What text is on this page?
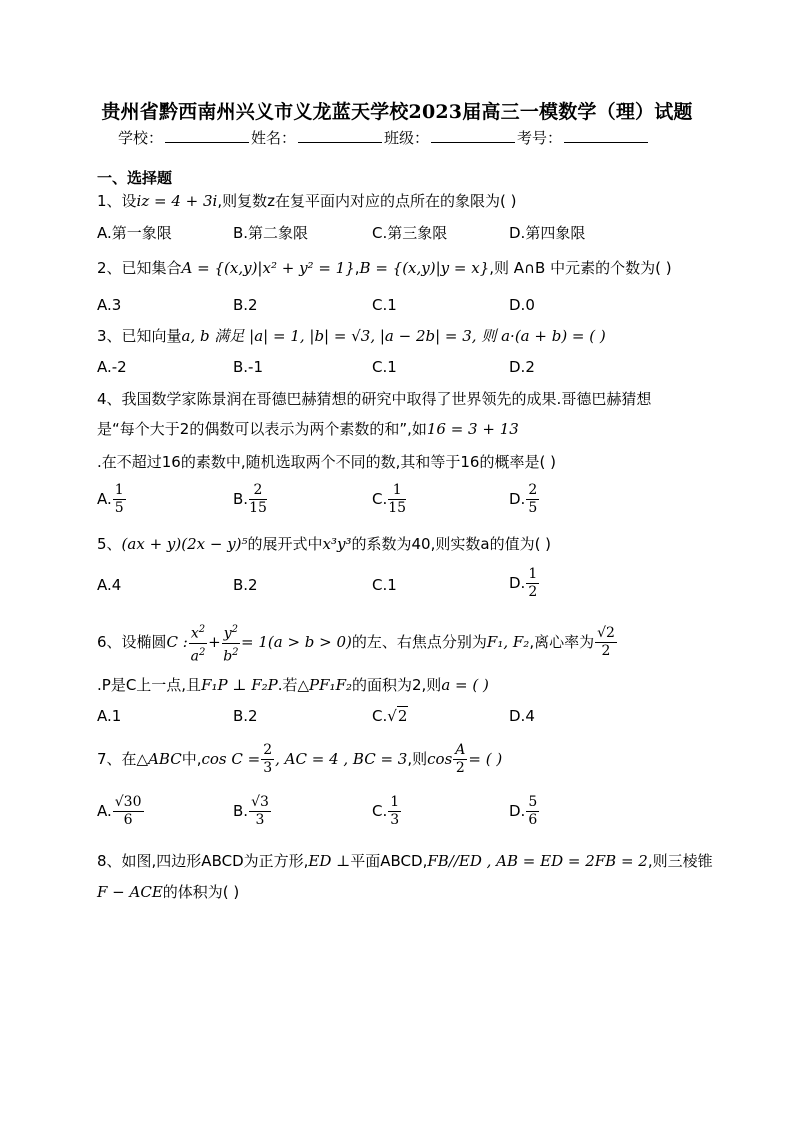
贵州省黔西南州兴义市义龙蓝天学校2023届高三一模数学（理）试题
学校：	姓名：	班级：	考号：
一、选择题
1、设iz = 4 + 3i,则复数z在复平面内对应的点所在的象限为( )
A.第一象限	B.第二象限	C.第三象限	D.第四象限
2、已知集合A = {(x,y)|x² + y² = 1},B = {(x,y)|y = x},则 A∩B 中元素的个数为( )
A.3	B.2	C.1	D.0
3、已知向量a, b 满足 |a| = 1, |b| = √3, |a − 2b| = 3, 则 a·(a + b) = ( )
A.-2	B.-1	C.1	D.2
4、我国数学家陈景润在哥德巴赫猜想的研究中取得了世界领先的成果.哥德巴赫猜想
是“每个大于2的偶数可以表示为两个素数的和”,如16 = 3 + 13
.在不超过16的素数中,随机选取两个不同的数,其和等于16的概率是( )
A. $\frac{1}{5}$	B. $\frac{2}{15}$	C. $\frac{1}{15}$	D. $\frac{2}{5}$
5、(ax + y)(2x − y)⁵的展开式中x³y³的系数为40,则实数a的值为( )
A.4	B.2	C.1	D. $\frac{1}{2}$
6、设椭圆C : $\frac{x^2}{a^2} + \frac{y^2}{b^2} = 1(a > b > 0)$的左、右焦点分别为F₁, F₂,离心率为 $\frac{√2}{2}$
.P是C上一点,且F₁P ⊥ F₂P.若△PF₁F₂的面积为2,则a = ( )
A.1	B.2	C.√2	D.4
7、在△ABC中,cos $C = \frac{2}{3}$ , AC = 4 , BC = 3,则$\cos \frac{A}{2}$ = ( )
A. $\frac{√30}{6}$	B. $\frac{√3}{3}$	C. $\frac{1}{3}$	D. $\frac{5}{6}$
8、如图,四边形ABCD为正方形,ED ⊥平面ABCD,FB//ED , AB = ED = 2FB = 2,则三棱锥
F − ACE的体积为( )
